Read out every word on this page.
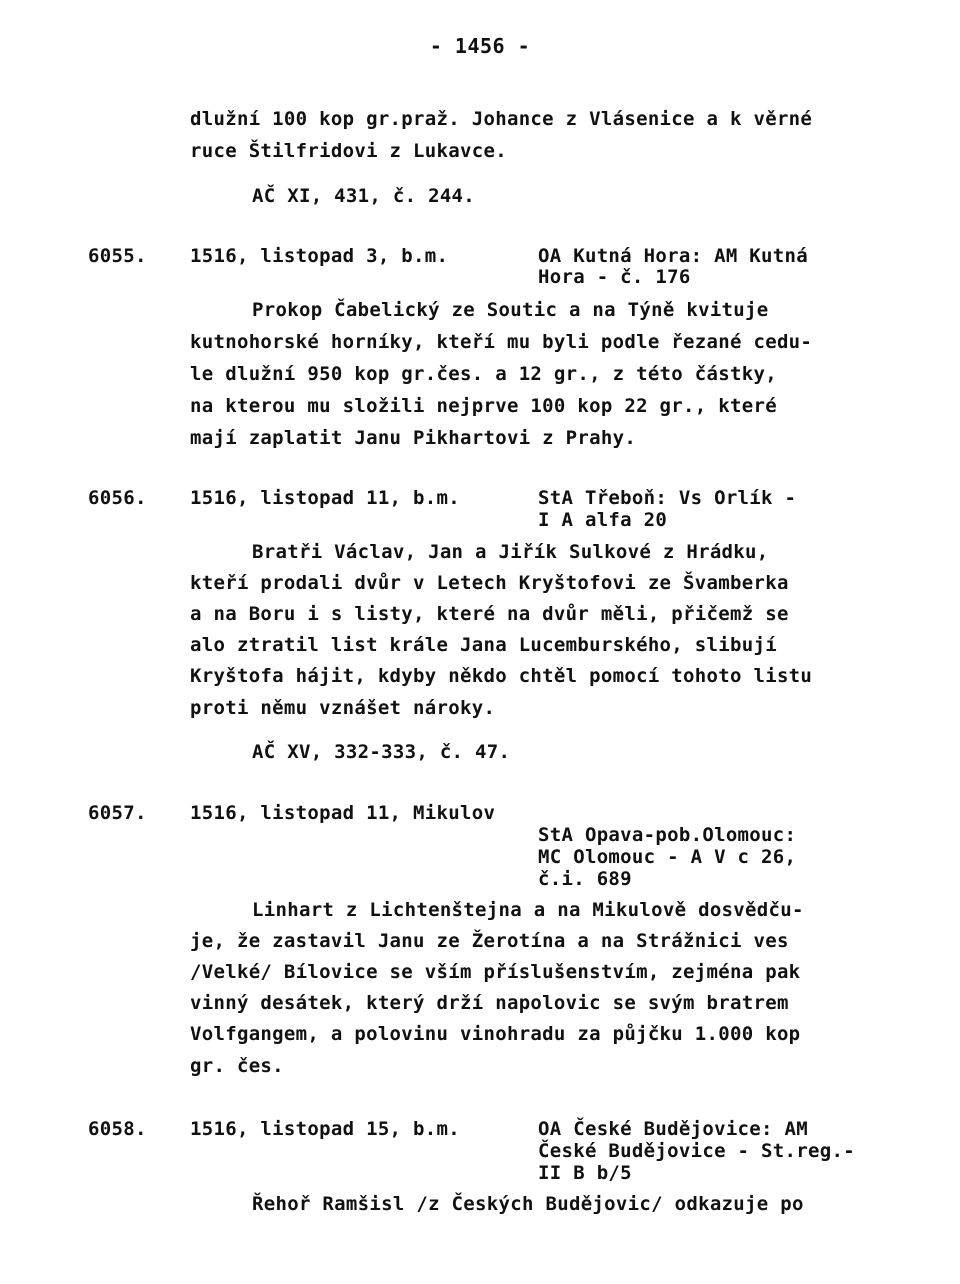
- 1456 -
dlužní 100 kop gr.praž. Johance z Vlásenice a k věrné
ruce Štilfridovi z Lukavce.
AČ XI, 431, č. 244.
6055. 1516, listopad 3, b.m.	OA Kutná Hora: AM Kutná
Hora - č. 176
Prokop Čabelický ze Soutic a na Týně kvituje
kutnohorské horníky, kteří mu byli podle řezané cedu-
le dlužní 950 kop gr.čes. a 12 gr., z této částky,
na kterou mu složili nejprve 100 kop 22 gr., které
mají zaplatit Janu Pikhartovi z Prahy.
6056. 1516, listopad 11, b.m.	StA Třeboň: Vs Orlík -
I A alfa 20
Bratři Václav, Jan a Jiřík Sulkové z Hrádku,
kteří prodali dvůr v Letech Kryštofovi ze Švamberka
a na Boru i s listy, které na dvůr měli, přičemž se
alo ztratil list krále Jana Lucemburského, slibují
Kryštofa hájit, kdyby někdo chtěl pomocí tohoto listu
proti němu vznášet nároky.
AČ XV, 332-333, č. 47.
6057. 1516, listopad 11, Mikulov
StA Opava-pob.Olomouc:
MC Olomouc - A V c 26,
č.i. 689
Linhart z Lichtenštejna a na Mikulově dosvědču-
je, že zastavil Janu ze Žerotína a na Strážnici ves
/Velké/ Bílovice se vším příslušenstvím, zejména pak
vinný desátek, který drží napolovic se svým bratrem
Volfgangem, a polovinu vinohradu za půjčku 1.000 kop
gr. čes.
6058. 1516, listopad 15, b.m.	OA České Budějovice: AM
České Budějovice - St.reg.-
II B b/5
Řehoř Ramšisl /z Českých Budějovic/ odkazuje po
